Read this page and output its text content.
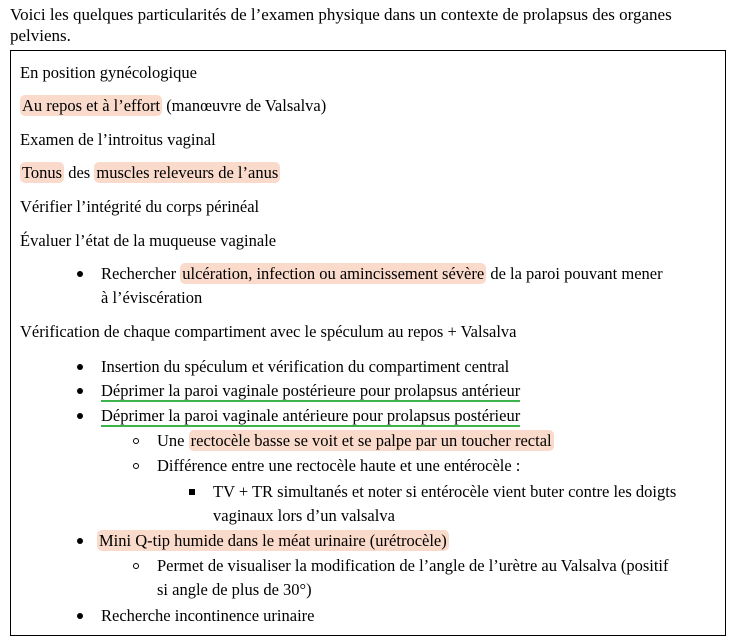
Voici les quelques particularités de l’examen physique dans un contexte de prolapsus des organes pelviens.
En position gynécologique
Au repos et à l’effort (manœuvre de Valsalva)
Examen de l’introitus vaginal
Tonus des muscles releveurs de l’anus
Vérifier l’intégrité du corps périnéal
Évaluer l’état de la muqueuse vaginale
Rechercher ulcération, infection ou amincissement sévère de la paroi pouvant mener
à l’éviscération
Vérification de chaque compartiment avec le spéculum au repos + Valsalva
Insertion du spéculum et vérification du compartiment central
Déprimer la paroi vaginale postérieure pour prolapsus antérieur
Déprimer la paroi vaginale antérieure pour prolapsus postérieur
Une rectocèle basse se voit et se palpe par un toucher rectal
Différence entre une rectocèle haute et une entérocèle :
TV + TR simultanés et noter si entérocèle vient buter contre les doigts
vaginaux lors d’un valsalva
Mini Q-tip humide dans le méat urinaire (urétrocèle)
Permet de visualiser la modification de l’angle de l’urètre au Valsalva (positif
si angle de plus de 30°)
Recherche incontinence urinaire
